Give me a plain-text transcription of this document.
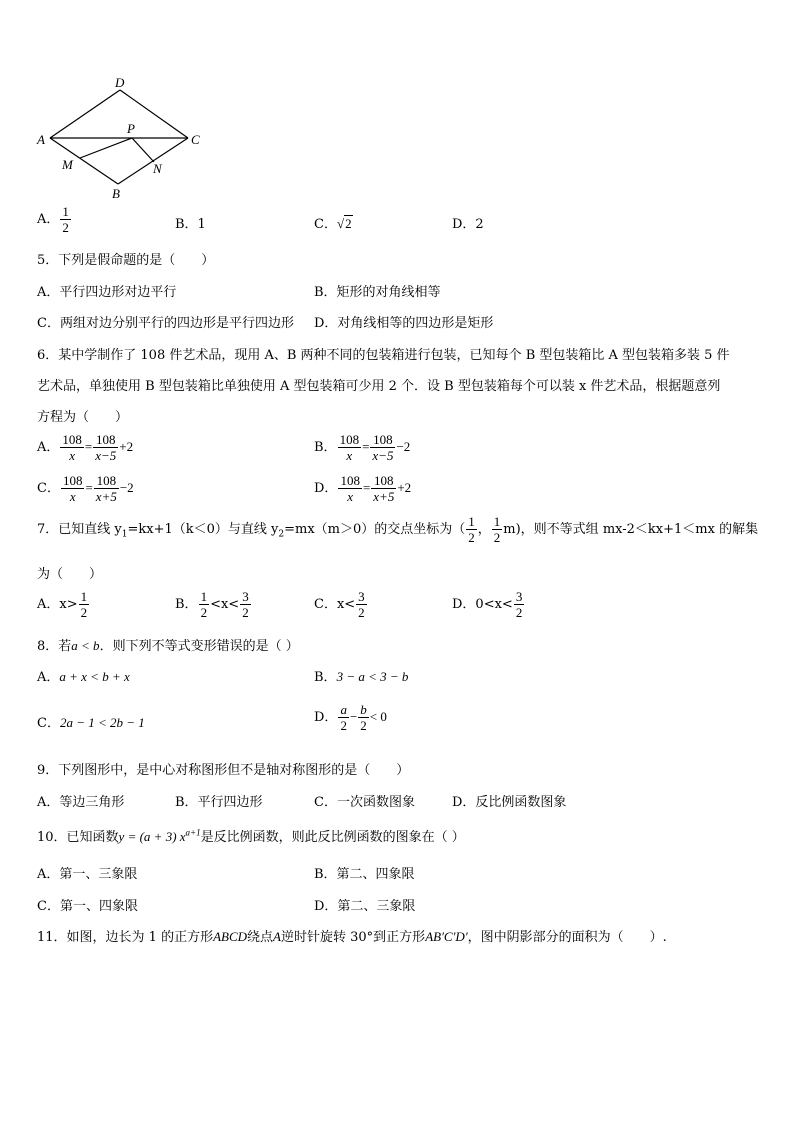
D
A	C
P
M	N
B
A． $\frac{1}{2}$	B．1	C．√2	D．2
5．下列是假命题的是（　　）
A．平行四边形对边平行	B．矩形的对角线相等
C．两组对边分别平行的四边形是平行四边形 D．对角线相等的四边形是矩形
6．某中学制作了 108 件艺术品，现用 A、B 两种不同的包装箱进行包装，已知每个 B 型包装箱比 A 型包装箱多装 5 件
艺术品，单独使用 B 型包装箱比单独使用 A 型包装箱可少用 2 个．设 B 型包装箱每个可以装 x 件艺术品，根据题意列
方程为（　　）
A． $\frac{108}{x} = \frac{108}{x-5} +2$	B． $\frac{108}{x} = \frac{108}{x-5} -2$
C． $\frac{108}{x} = \frac{108}{x+5} -2$	D． $\frac{108}{x} = \frac{108}{x+5} +2$
7．已知直线 $y_1=kx+1(k<0)$与直线 $y_2=mx(m>0)$的交点坐标为（ $\frac{1}{2}$ ， $\frac{1}{2} m$)，则不等式组 mx-2＜kx+1＜mx 的解集
为（　　）
A．$x> \frac{1}{2}$	B． $\frac{1}{2} <x< \frac{3}{2}$	C．$x< \frac{3}{2}$	D．$0<x< \frac{3}{2}$
8．若a < b．则下列不等式变形错误的是（ ）
A．a + x < b + x	B．3 − a < 3 − b
C．2a − 1 < 2b − 1	D． $\frac{a}{2} - \frac{b}{2} < 0$
9．下列图形中，是中心对称图形但不是轴对称图形的是（　　）
A．等边三角形	B．平行四边形	C．一次函数图象	D．反比例函数图象
10．已知函数y = (a + 3) $x^{a+1}$是反比例函数，则此反比例函数的图象在（ ）
A．第一、三象限	B．第二、四象限
C．第一、四象限	D．第二、三象限
11．如图，边长为 1 的正方形ABCD绕点A逆时针旋转 30°到正方形AB′C′D′，图中阴影部分的面积为（　　）.
